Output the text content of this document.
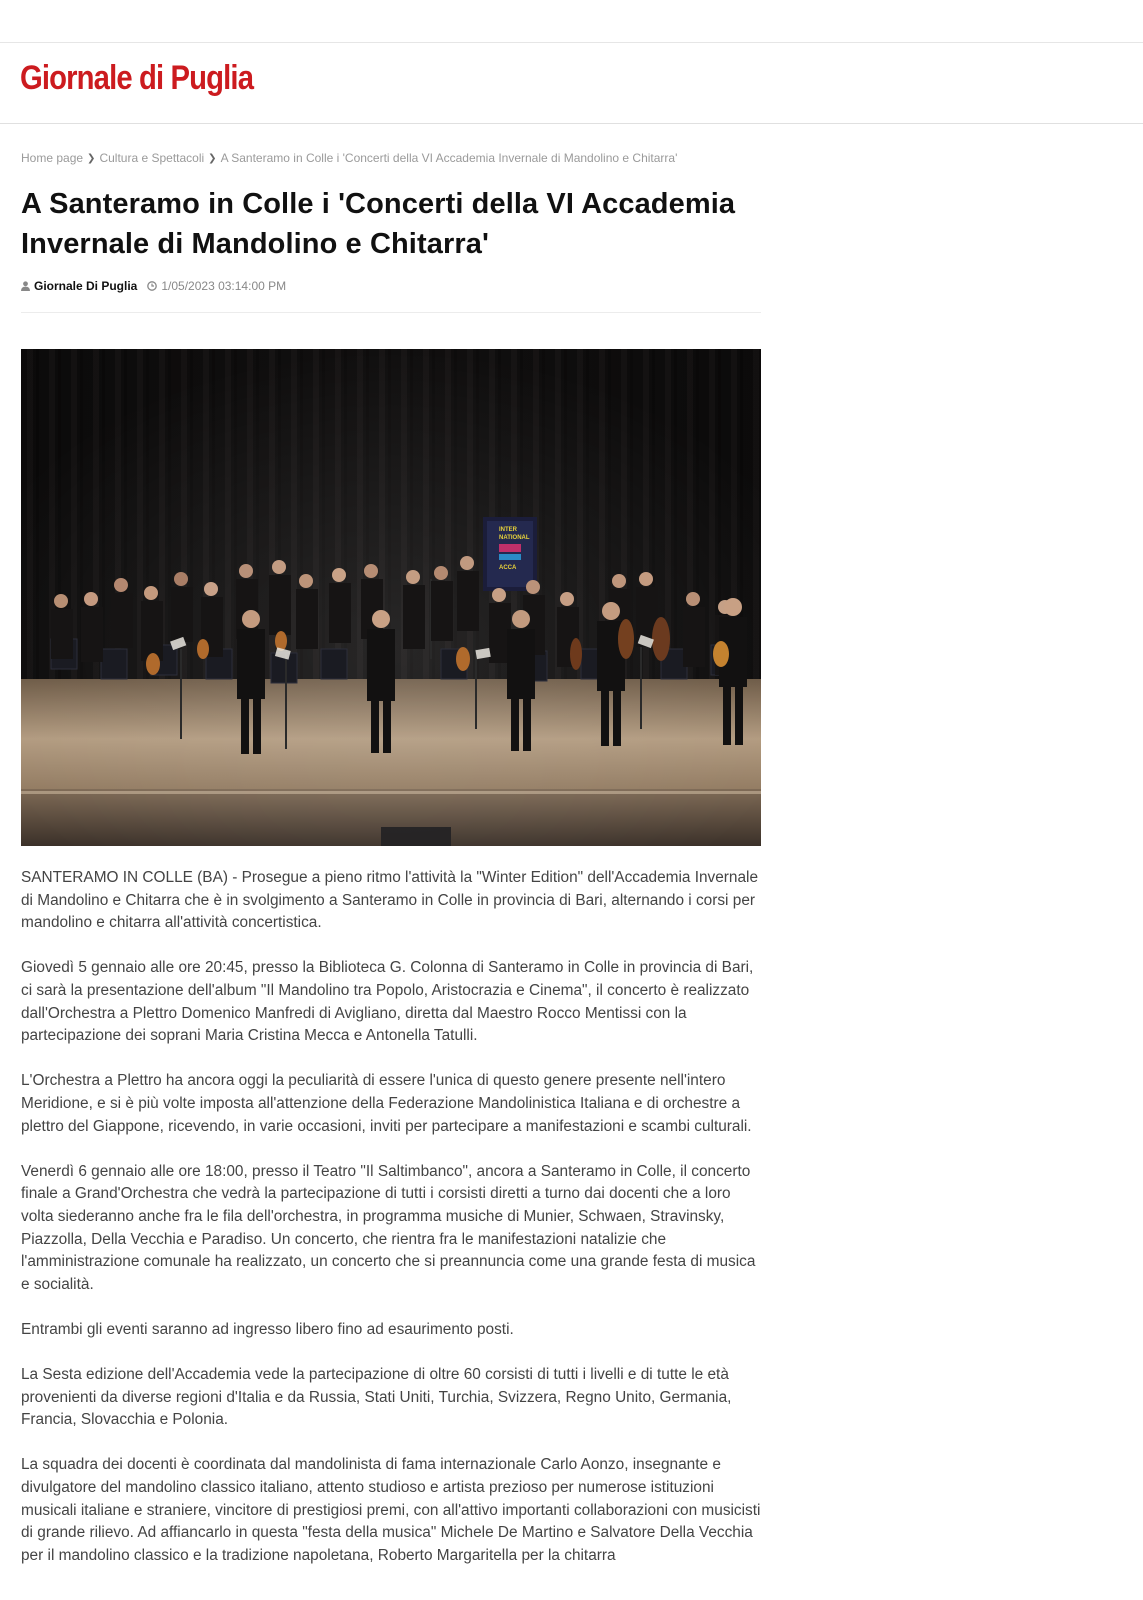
Giornale di Puglia
Home page ❯ Cultura e Spettacoli ❯ A Santeramo in Colle i 'Concerti della VI Accademia Invernale di Mandolino e Chitarra'
A Santeramo in Colle i 'Concerti della VI Accademia Invernale di Mandolino e Chitarra'
Giornale Di Puglia 1/05/2023 03:14:00 PM
INTER
NATIONAL
ACCA

SANTERAMO IN COLLE (BA) - Prosegue a pieno ritmo l'attività la "Winter Edition" dell'Accademia Invernale di Mandolino e Chitarra che è in svolgimento a Santeramo in Colle in provincia di Bari, alternando i corsi per mandolino e chitarra all'attività concertistica.

Giovedì 5 gennaio alle ore 20:45, presso la Biblioteca G. Colonna di Santeramo in Colle in provincia di Bari, ci sarà la presentazione dell'album "Il Mandolino tra Popolo, Aristocrazia e Cinema", il concerto è realizzato dall'Orchestra a Plettro Domenico Manfredi di Avigliano, diretta dal Maestro Rocco Mentissi con la partecipazione dei soprani Maria Cristina Mecca e Antonella Tatulli.

L'Orchestra a Plettro ha ancora oggi la peculiarità di essere l'unica di questo genere presente nell'intero Meridione, e si è più volte imposta all'attenzione della Federazione Mandolinistica Italiana e di orchestre a plettro del Giappone, ricevendo, in varie occasioni, inviti per partecipare a manifestazioni e scambi culturali.

Venerdì 6 gennaio alle ore 18:00, presso il Teatro "Il Saltimbanco", ancora a Santeramo in Colle, il concerto finale a Grand'Orchestra che vedrà la partecipazione di tutti i corsisti diretti a turno dai docenti che a loro volta siederanno anche fra le fila dell'orchestra, in programma musiche di Munier, Schwaen, Stravinsky, Piazzolla, Della Vecchia e Paradiso. Un concerto, che rientra fra le manifestazioni natalizie che l'amministrazione comunale ha realizzato, un concerto che si preannuncia come una grande festa di musica e socialità.

Entrambi gli eventi saranno ad ingresso libero fino ad esaurimento posti.

La Sesta edizione dell'Accademia vede la partecipazione di oltre 60 corsisti di tutti i livelli e di tutte le età provenienti da diverse regioni d'Italia e da Russia, Stati Uniti, Turchia, Svizzera, Regno Unito, Germania, Francia, Slovacchia e Polonia.

La squadra dei docenti è coordinata dal mandolinista di fama internazionale Carlo Aonzo, insegnante e divulgatore del mandolino classico italiano, attento studioso e artista prezioso per numerose istituzioni musicali italiane e straniere, vincitore di prestigiosi premi, con all'attivo importanti collaborazioni con musicisti di grande rilievo. Ad affiancarlo in questa "festa della musica" Michele De Martino e Salvatore Della Vecchia per il mandolino classico e la tradizione napoletana, Roberto Margaritella per la chitarra
